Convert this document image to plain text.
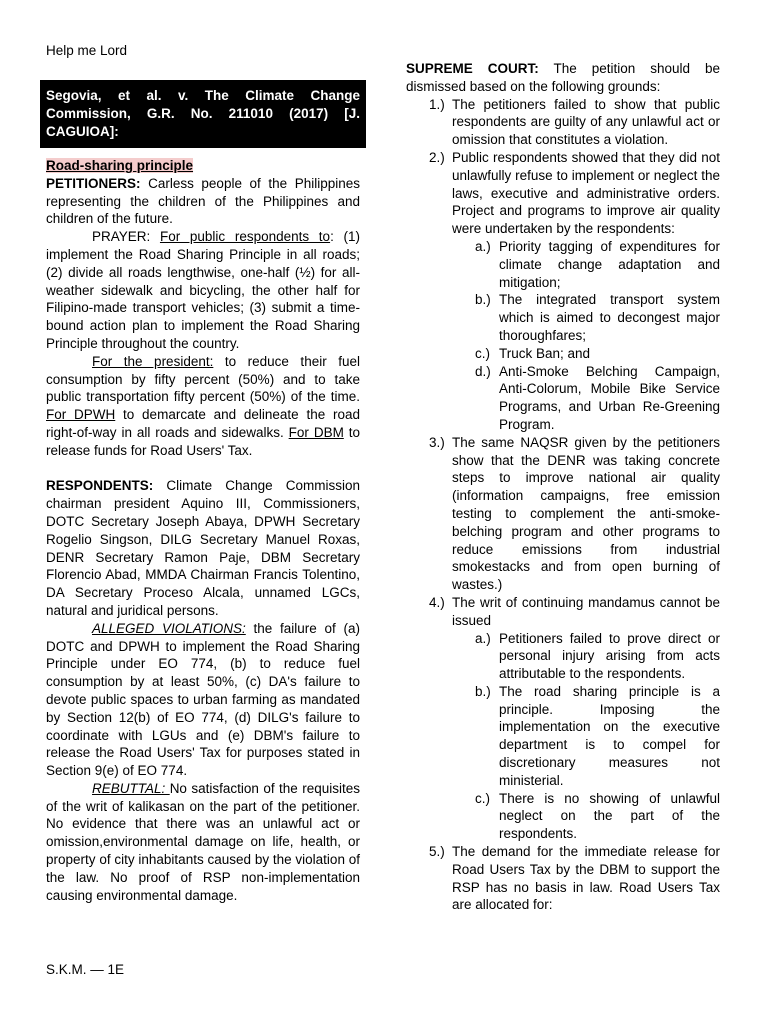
Help me Lord
Segovia, et al. v. The Climate Change Commission, G.R. No. 211010 (2017) [J. CAGUIOA]:

Road-sharing principle

PETITIONERS: Carless people of the Philippines representing the children of the Philippines and children of the future.

PRAYER: For public respondents to: (1) implement the Road Sharing Principle in all roads; (2) divide all roads lengthwise, one-half (½) for all-weather sidewalk and bicycling, the other half for Filipino-made transport vehicles; (3) submit a time-bound action plan to implement the Road Sharing Principle throughout the country.

For the president: to reduce their fuel consumption by fifty percent (50%) and to take public transportation fifty percent (50%) of the time. For DPWH to demarcate and delineate the road right-of-way in all roads and sidewalks. For DBM to release funds for Road Users' Tax.

RESPONDENTS: Climate Change Commission chairman president Aquino III, Commissioners, DOTC Secretary Joseph Abaya, DPWH Secretary Rogelio Singson, DILG Secretary Manuel Roxas, DENR Secretary Ramon Paje, DBM Secretary Florencio Abad, MMDA Chairman Francis Tolentino, DA Secretary Proceso Alcala, unnamed LGCs, natural and juridical persons.

ALLEGED VIOLATIONS: the failure of (a) DOTC and DPWH to implement the Road Sharing Principle under EO 774, (b) to reduce fuel consumption by at least 50%, (c) DA's failure to devote public spaces to urban farming as mandated by Section 12(b) of EO 774, (d) DILG's failure to coordinate with LGUs and (e) DBM's failure to release the Road Users' Tax for purposes stated in Section 9(e) of EO 774.

REBUTTAL: No satisfaction of the requisites of the writ of kalikasan on the part of the petitioner. No evidence that there was an unlawful act or omission,environmental damage on life, health, or property of city inhabitants caused by the violation of the law. No proof of RSP non-implementation causing environmental damage.

SUPREME COURT: The petition should be dismissed based on the following grounds:

1.) The petitioners failed to show that public respondents are guilty of any unlawful act or omission that constitutes a violation.
2.) Public respondents showed that they did not unlawfully refuse to implement or neglect the laws, executive and administrative orders. Project and programs to improve air quality were undertaken by the respondents:
a.) Priority tagging of expenditures for climate change adaptation and mitigation;
b.) The integrated transport system which is aimed to decongest major thoroughfares;
c.) Truck Ban; and
d.) Anti-Smoke Belching Campaign, Anti-Colorum, Mobile Bike Service Programs, and Urban Re-Greening Program.
3.) The same NAQSR given by the petitioners show that the DENR was taking concrete steps to improve national air quality (information campaigns, free emission testing to complement the anti-smoke-belching program and other programs to reduce emissions from industrial smokestacks and from open burning of wastes.)
4.) The writ of continuing mandamus cannot be issued
a.) Petitioners failed to prove direct or personal injury arising from acts attributable to the respondents.
b.) The road sharing principle is a principle. Imposing the implementation on the executive department is to compel for discretionary measures not ministerial.
c.) There is no showing of unlawful neglect on the part of the respondents.
5.) The demand for the immediate release for Road Users Tax by the DBM to support the RSP has no basis in law. Road Users Tax are allocated for:
S.K.M. — 1E
